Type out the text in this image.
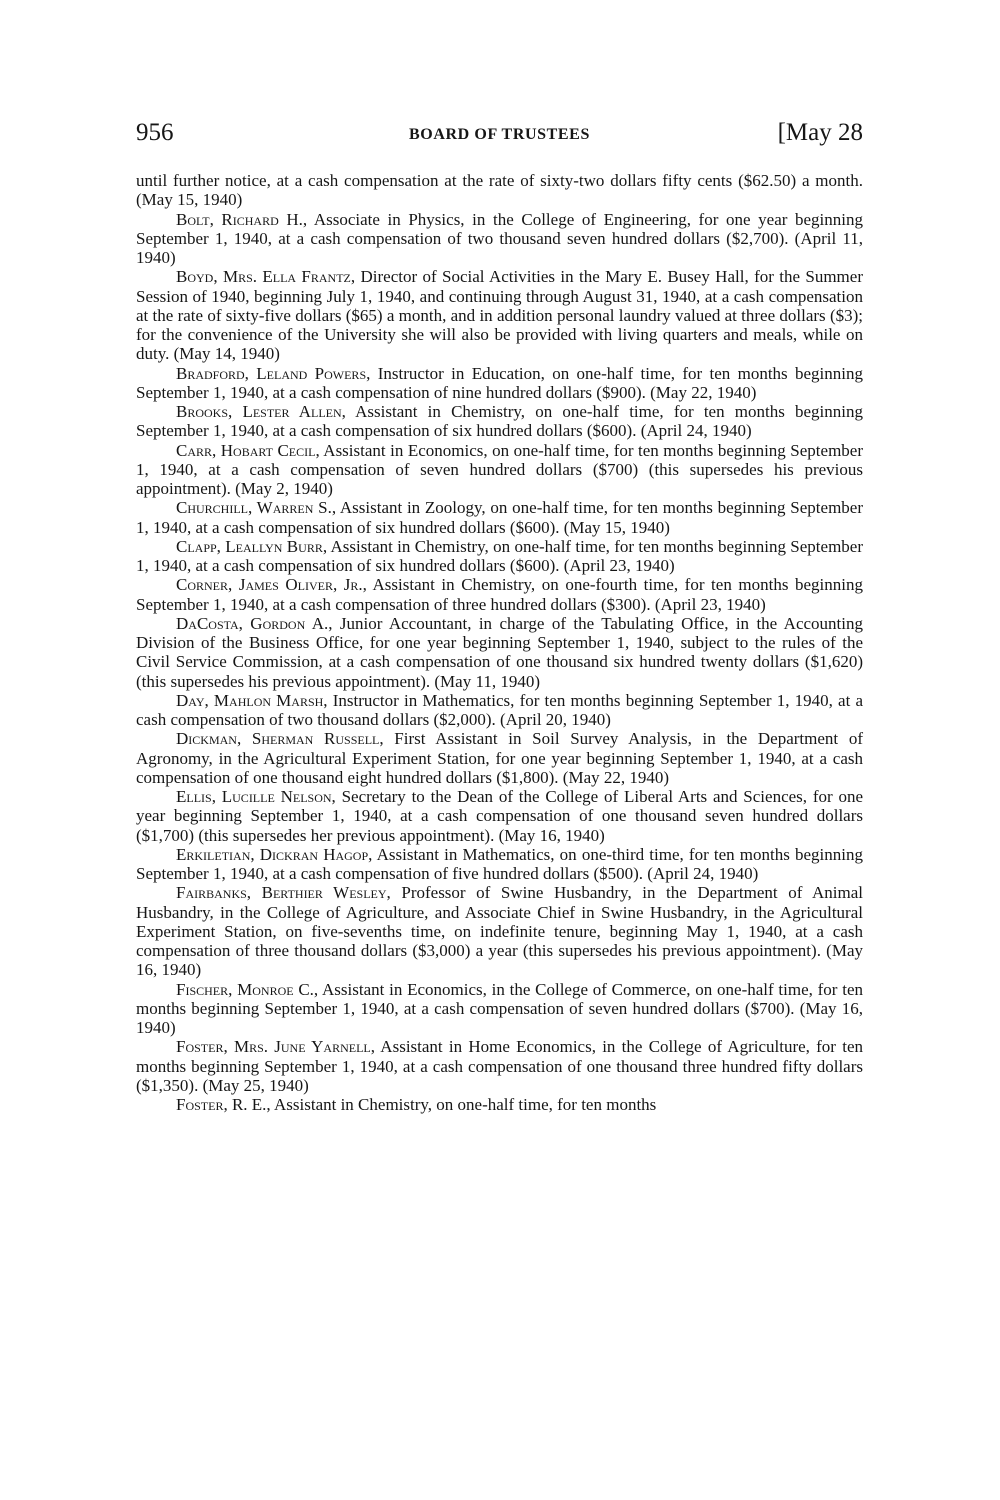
956	BOARD OF TRUSTEES	[May 28

until further notice, at a cash compensation at the rate of sixty-two dollars fifty cents ($62.50) a month. (May 15, 1940)

Bolt, Richard H., Associate in Physics, in the College of Engineering, for one year beginning September 1, 1940, at a cash compensation of two thousand seven hundred dollars ($2,700). (April 11, 1940)

Boyd, Mrs. Ella Frantz, Director of Social Activities in the Mary E. Busey Hall, for the Summer Session of 1940, beginning July 1, 1940, and continuing through August 31, 1940, at a cash compensation at the rate of sixty-five dollars ($65) a month, and in addition personal laundry valued at three dollars ($3); for the convenience of the University she will also be provided with living quarters and meals, while on duty. (May 14, 1940)

Bradford, Leland Powers, Instructor in Education, on one-half time, for ten months beginning September 1, 1940, at a cash compensation of nine hundred dollars ($900). (May 22, 1940)

Brooks, Lester Allen, Assistant in Chemistry, on one-half time, for ten months beginning September 1, 1940, at a cash compensation of six hundred dollars ($600). (April 24, 1940)

Carr, Hobart Cecil, Assistant in Economics, on one-half time, for ten months beginning September 1, 1940, at a cash compensation of seven hundred dollars ($700) (this supersedes his previous appointment). (May 2, 1940)

Churchill, Warren S., Assistant in Zoology, on one-half time, for ten months beginning September 1, 1940, at a cash compensation of six hundred dollars ($600). (May 15, 1940)

Clapp, Leallyn Burr, Assistant in Chemistry, on one-half time, for ten months beginning September 1, 1940, at a cash compensation of six hundred dollars ($600). (April 23, 1940)

Corner, James Oliver, Jr., Assistant in Chemistry, on one-fourth time, for ten months beginning September 1, 1940, at a cash compensation of three hundred dollars ($300). (April 23, 1940)

DaCosta, Gordon A., Junior Accountant, in charge of the Tabulating Office, in the Accounting Division of the Business Office, for one year beginning September 1, 1940, subject to the rules of the Civil Service Commission, at a cash compensation of one thousand six hundred twenty dollars ($1,620) (this supersedes his previous appointment). (May 11, 1940)

Day, Mahlon Marsh, Instructor in Mathematics, for ten months beginning September 1, 1940, at a cash compensation of two thousand dollars ($2,000). (April 20, 1940)

Dickman, Sherman Russell, First Assistant in Soil Survey Analysis, in the Department of Agronomy, in the Agricultural Experiment Station, for one year beginning September 1, 1940, at a cash compensation of one thousand eight hundred dollars ($1,800). (May 22, 1940)

Ellis, Lucille Nelson, Secretary to the Dean of the College of Liberal Arts and Sciences, for one year beginning September 1, 1940, at a cash compensation of one thousand seven hundred dollars ($1,700) (this supersedes her previous appointment). (May 16, 1940)

Erkiletian, Dickran Hagop, Assistant in Mathematics, on one-third time, for ten months beginning September 1, 1940, at a cash compensation of five hundred dollars ($500). (April 24, 1940)

Fairbanks, Berthier Wesley, Professor of Swine Husbandry, in the Department of Animal Husbandry, in the College of Agriculture, and Associate Chief in Swine Husbandry, in the Agricultural Experiment Station, on five-sevenths time, on indefinite tenure, beginning May 1, 1940, at a cash compensation of three thousand dollars ($3,000) a year (this supersedes his previous appointment). (May 16, 1940)

Fischer, Monroe C., Assistant in Economics, in the College of Commerce, on one-half time, for ten months beginning September 1, 1940, at a cash compensation of seven hundred dollars ($700). (May 16, 1940)

Foster, Mrs. June Yarnell, Assistant in Home Economics, in the College of Agriculture, for ten months beginning September 1, 1940, at a cash compensation of one thousand three hundred fifty dollars ($1,350). (May 25, 1940)

Foster, R. E., Assistant in Chemistry, on one-half time, for ten months
